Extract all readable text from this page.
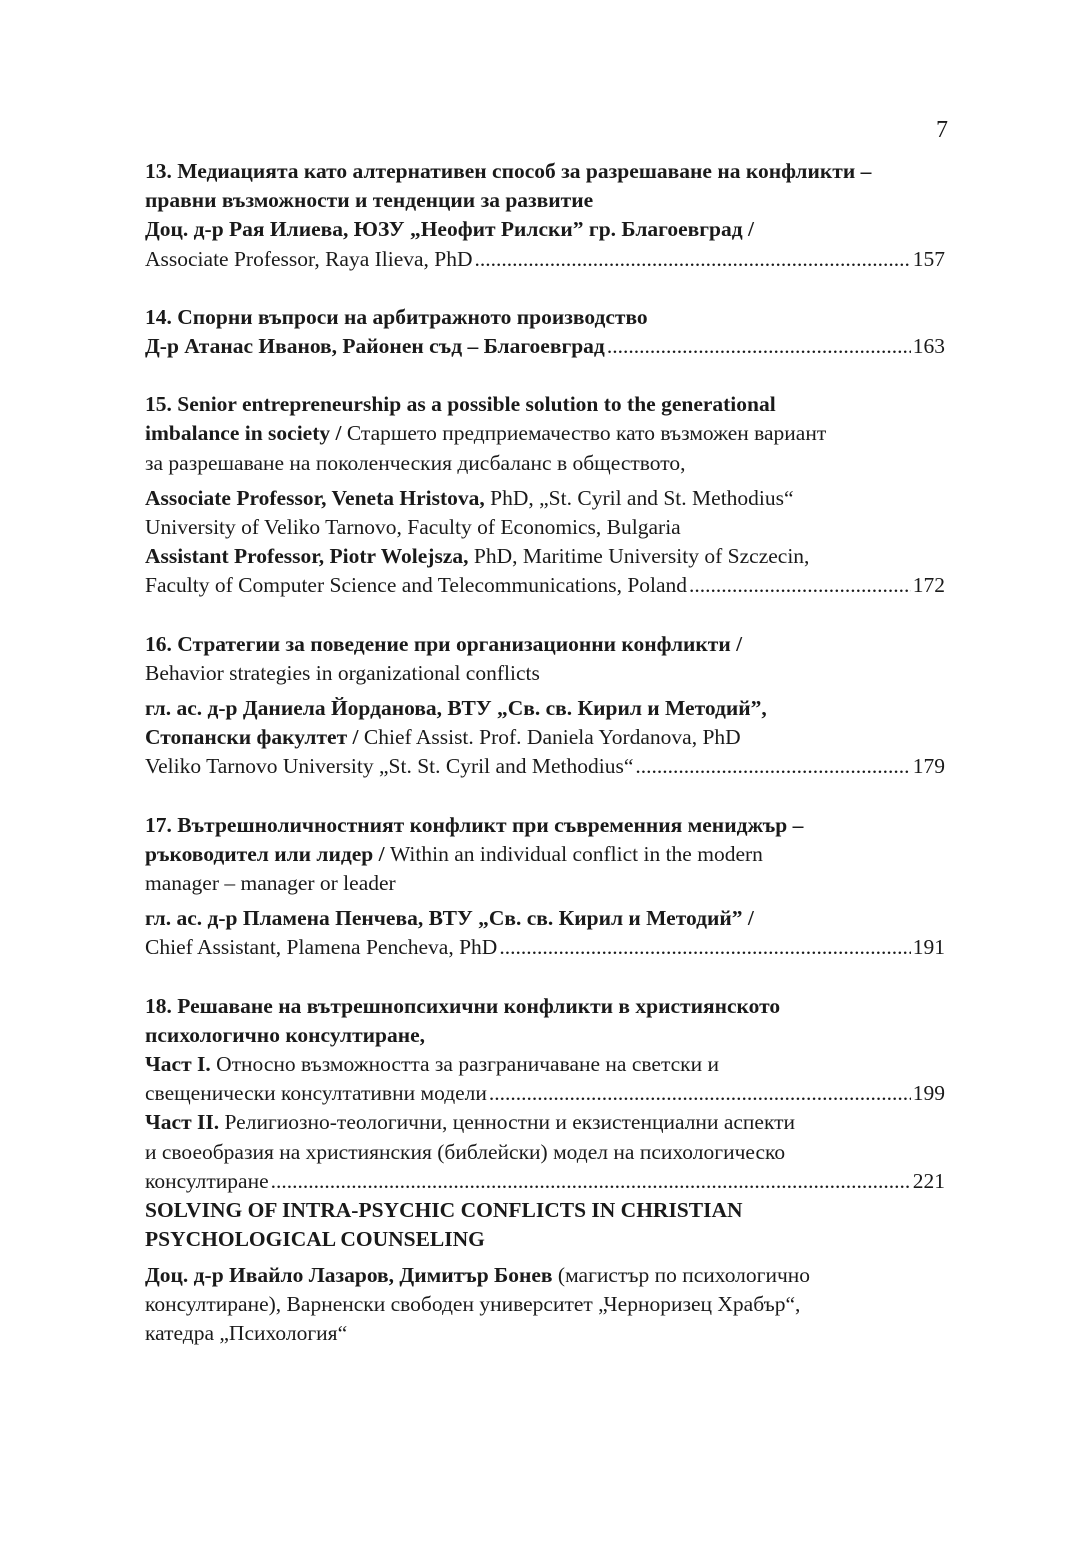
7

13. Медиацията като алтернативен способ за разрешаване на конфликти –

правни възможности и тенденции за развитие

Доц. д-р Рая Илиева, ЮЗУ „Неофит Рилски” гр. Благоевград /

Associate Professor, Raya Ilieva, PhD .....	157

14. Спорни въпроси на арбитражното производство

Д-р Атанас Иванов, Районен съд – Благоевград .....	163

15. Senior entrepreneurship as a possible solution to the generational

imbalance in society / Старшето предприемачество като възможен вариант

за разрешаване на поколенческия дисбаланс в обществото,

Associate Professor, Veneta Hristova, PhD, „St. Cyril and St. Methodius“

University of Veliko Tarnovo, Faculty of Economics, Bulgaria

Assistant Professor, Piotr Wolejsza, PhD, Maritime University of Szczecin,

Faculty of Computer Science and Telecommunications, Poland .....	172

16. Стратегии за поведение при организационни конфликти /

Behavior strategies in organizational conflicts

гл. ас. д-р Даниела Йорданова, ВТУ „Св. св. Кирил и Методий”,

Стопански факултет / Chief Assist. Prof. Daniela Yordanova, PhD

Veliko Tarnovo University „St. St. Cyril and Methodius“ .....	179

17. Вътрешноличностният конфликт при съвременния мениджър –

ръководител или лидер / Within an individual conflict in the modern

manager – manager or leader

гл. ас. д-р Пламена Пенчева, ВТУ „Св. св. Кирил и Методий” /

Chief Assistant, Plamena Pencheva, PhD .....	191

18. Решаване на вътрешнопсихични конфликти в християнското

психологично консултиране,

Част I. Относно възможността за разграничаване на светски и

свещенически консултативни модели .....	199

Част II. Религиозно-теологични, ценностни и екзистенциални аспекти

и своеобразия на християнския (библейски) модел на психологическо

консултиране .....	221

SOLVING OF INTRA-PSYCHIC CONFLICTS IN CHRISTIAN

PSYCHOLOGICAL COUNSELING

Доц. д-р Ивайло Лазаров, Димитър Бонев (магистър по психологично

консултиране), Варненски свободен университет „Черноризец Храбър“,

катедра „Психология“
